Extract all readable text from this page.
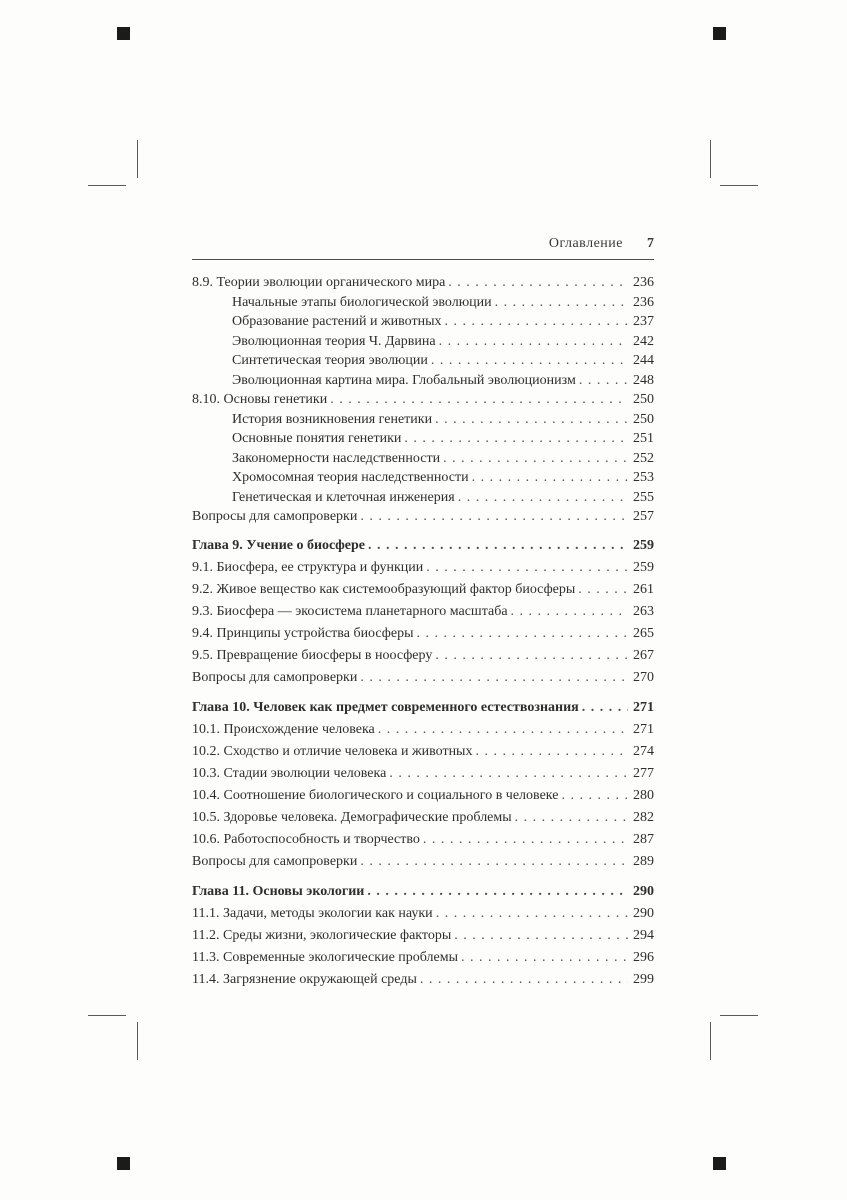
Оглавление 7
8.9. Теории эволюции органического мира . . .	236
Начальные этапы биологической эволюции . . .	236
Образование растений и животных . . .	237
Эволюционная теория Ч. Дарвина . . .	242
Синтетическая теория эволюции . . .	244
Эволюционная картина мира. Глобальный эволюционизм . . .	248
8.10. Основы генетики . . .	250
История возникновения генетики . . .	250
Основные понятия генетики . . .	251
Закономерности наследственности . . .	252
Хромосомная теория наследственности . . .	253
Генетическая и клеточная инженерия . . .	255
Вопросы для самопроверки . . .	257
Глава 9. Учение о биосфере . . .	259
9.1. Биосфера, ее структура и функции . . .	259
9.2. Живое вещество как системообразующий фактор биосферы . . .	261
9.3. Биосфера — экосистема планетарного масштаба . . .	263
9.4. Принципы устройства биосферы . . .	265
9.5. Превращение биосферы в ноосферу . . .	267
Вопросы для самопроверки . . .	270
Глава 10. Человек как предмет современного естествознания . . .	271
10.1. Происхождение человека . . .	271
10.2. Сходство и отличие человека и животных . . .	274
10.3. Стадии эволюции человека . . .	277
10.4. Соотношение биологического и социального в человеке . . .	280
10.5. Здоровье человека. Демографические проблемы . . .	282
10.6. Работоспособность и творчество . . .	287
Вопросы для самопроверки . . .	289
Глава 11. Основы экологии . . .	290
11.1. Задачи, методы экологии как науки . . .	290
11.2. Среды жизни, экологические факторы . . .	294
11.3. Современные экологические проблемы . . .	296
11.4. Загрязнение окружающей среды . . .	299
